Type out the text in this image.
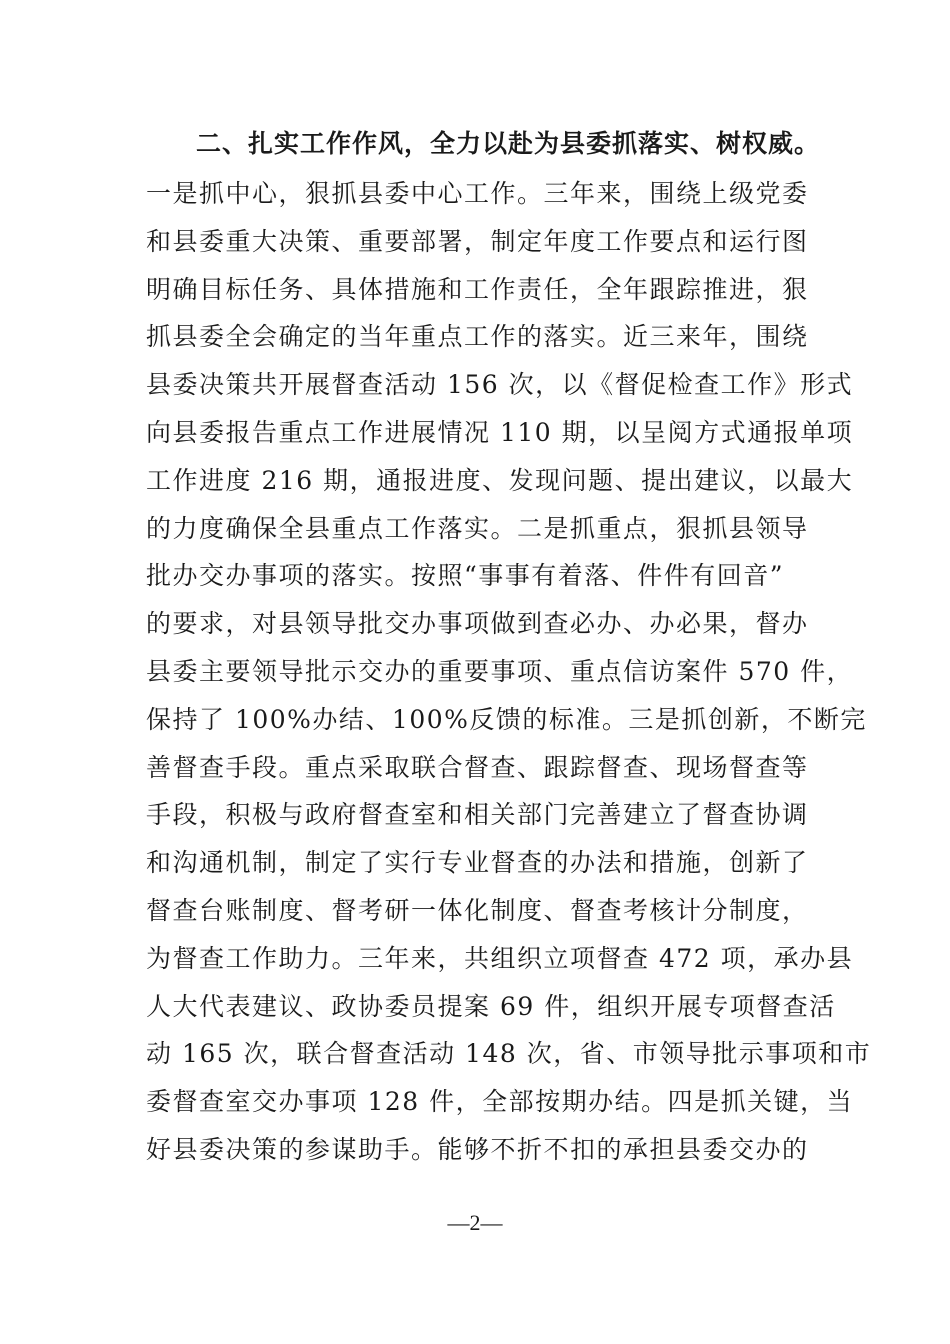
二、扎实工作作风，全力以赴为县委抓落实、树权威。
一是抓中心，狠抓县委中心工作。三年来，围绕上级党委
和县委重大决策、重要部署，制定年度工作要点和运行图
明确目标任务、具体措施和工作责任，全年跟踪推进，狠
抓县委全会确定的当年重点工作的落实。近三来年，围绕
县委决策共开展督查活动 156 次，以《督促检查工作》形式
向县委报告重点工作进展情况 110 期，以呈阅方式通报单项
工作进度 216 期，通报进度、发现问题、提出建议，以最大
的力度确保全县重点工作落实。二是抓重点，狠抓县领导
批办交办事项的落实。按照“事事有着落、件件有回音”
的要求，对县领导批交办事项做到查必办、办必果，督办
县委主要领导批示交办的重要事项、重点信访案件 570 件，
保持了 100%办结、100%反馈的标准。三是抓创新，不断完
善督查手段。重点采取联合督查、跟踪督查、现场督查等
手段，积极与政府督查室和相关部门完善建立了督查协调
和沟通机制，制定了实行专业督查的办法和措施，创新了
督查台账制度、督考研一体化制度、督查考核计分制度，
为督查工作助力。三年来，共组织立项督查 472 项，承办县
人大代表建议、政协委员提案 69 件，组织开展专项督查活
动 165 次，联合督查活动 148 次，省、市领导批示事项和市
委督查室交办事项 128 件，全部按期办结。四是抓关键，当
好县委决策的参谋助手。能够不折不扣的承担县委交办的
—2—
